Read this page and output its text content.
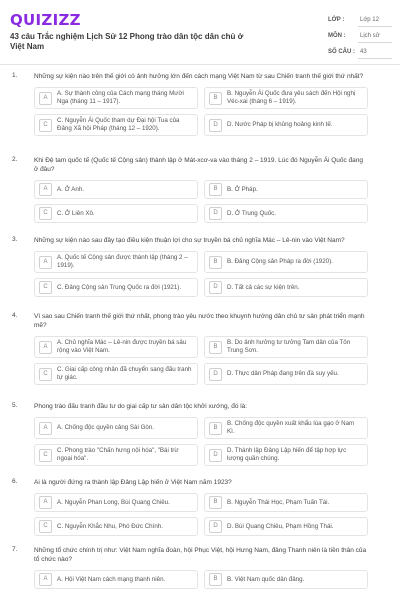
QUIZIZZ
43 câu Trắc nghiệm Lịch Sử 12 Phong trào dân tộc dân chủ ở Việt Nam
LỚP :	Lớp 12
MÔN :	Lịch sử
SỐ CÂU : 43
1.	Những sự kiện nào trên thế giới có ảnh hưởng lớn đến cách mạng Việt Nam từ sau Chiến tranh thế giới thứ nhất?
A
A. Sự thành công của Cách mạng tháng Mười Nga (tháng 11 – 1917).
B
B. Nguyễn Ái Quốc đưa yêu sách đến Hội nghị Véc-xai (tháng 6 – 1919).
C
C. Nguyễn Ái Quốc tham dự Đại hội Tua của Đảng Xã hội Pháp (tháng 12 – 1920).
D	D. Nước Pháp bị khủng hoảng kinh tế.
2.	Khi Đệ tam quốc tế (Quốc tế Cộng sản) thành lập ở Mát-xcơ-va vào tháng 2 – 1919. Lúc đó Nguyễn Ái Quốc đang ở đâu?
A	A. Ở Anh.	B	B. Ở Pháp.
C	C. Ở Liên Xô.	D	D. Ở Trung Quốc.
3.	Những sự kiện nào sau đây tạo điều kiện thuận lợi cho sự truyền bá chủ nghĩa Mác – Lê-nin vào Việt Nam?
A
A. Quốc tế Cộng sản được thành lập (tháng 2 – 1919).
B	B. Đảng Cộng sản Pháp ra đời (1920).
C	C. Đảng Cộng sản Trung Quốc ra đời (1921).	D	D. Tất cả các sự kiện trên.
4.	Vì sao sau Chiến tranh thế giới thứ nhất, phong trào yêu nước theo khuynh hướng dân chủ tư sản phát triển mạnh mẽ?
A
A. Chủ nghĩa Mác – Lê-nin được truyền bá sâu rộng vào Việt Nam.
B
B. Do ảnh hưởng tư tưởng Tam dân của Tôn Trung Sơn.
C
C. Giai cấp công nhân đã chuyển sang đấu tranh tự giác.
D	D. Thực dân Pháp đang trên đà suy yếu.
5.	Phong trào đấu tranh đầu tư do giai cấp tư sản dân tộc khởi xướng, đó là:
A	A. Chống độc quyền cảng Sài Gòn.	B
B. Chống độc quyền xuất khẩu lúa gạo ở Nam Kì.
C
C. Phong trào "Chấn hưng nội hóa", "Bài trừ ngoại hóa".
D
D. Thành lập Đảng Lập hiến để tập hợp lực lượng quần chúng.
6.	Ai là người đứng ra thành lập Đảng Lập hiến ở Việt Nam năm 1923?
A	A. Nguyễn Phan Long, Bùi Quang Chiêu.	B	B. Nguyễn Thái Học, Phạm Tuấn Tài.
C	C. Nguyễn Khắc Nhu, Phó Đức Chính.	D	D. Bùi Quang Chiêu, Phạm Hồng Thái.
7.	Những tổ chức chính trị như: Việt Nam nghĩa đoàn, hội Phục Việt, hội Hưng Nam, đảng Thanh niên là tiền thân của tổ chức nào?
A	A. Hội Việt Nam cách mạng thanh niên.	B	B. Việt Nam quốc dân đảng.
